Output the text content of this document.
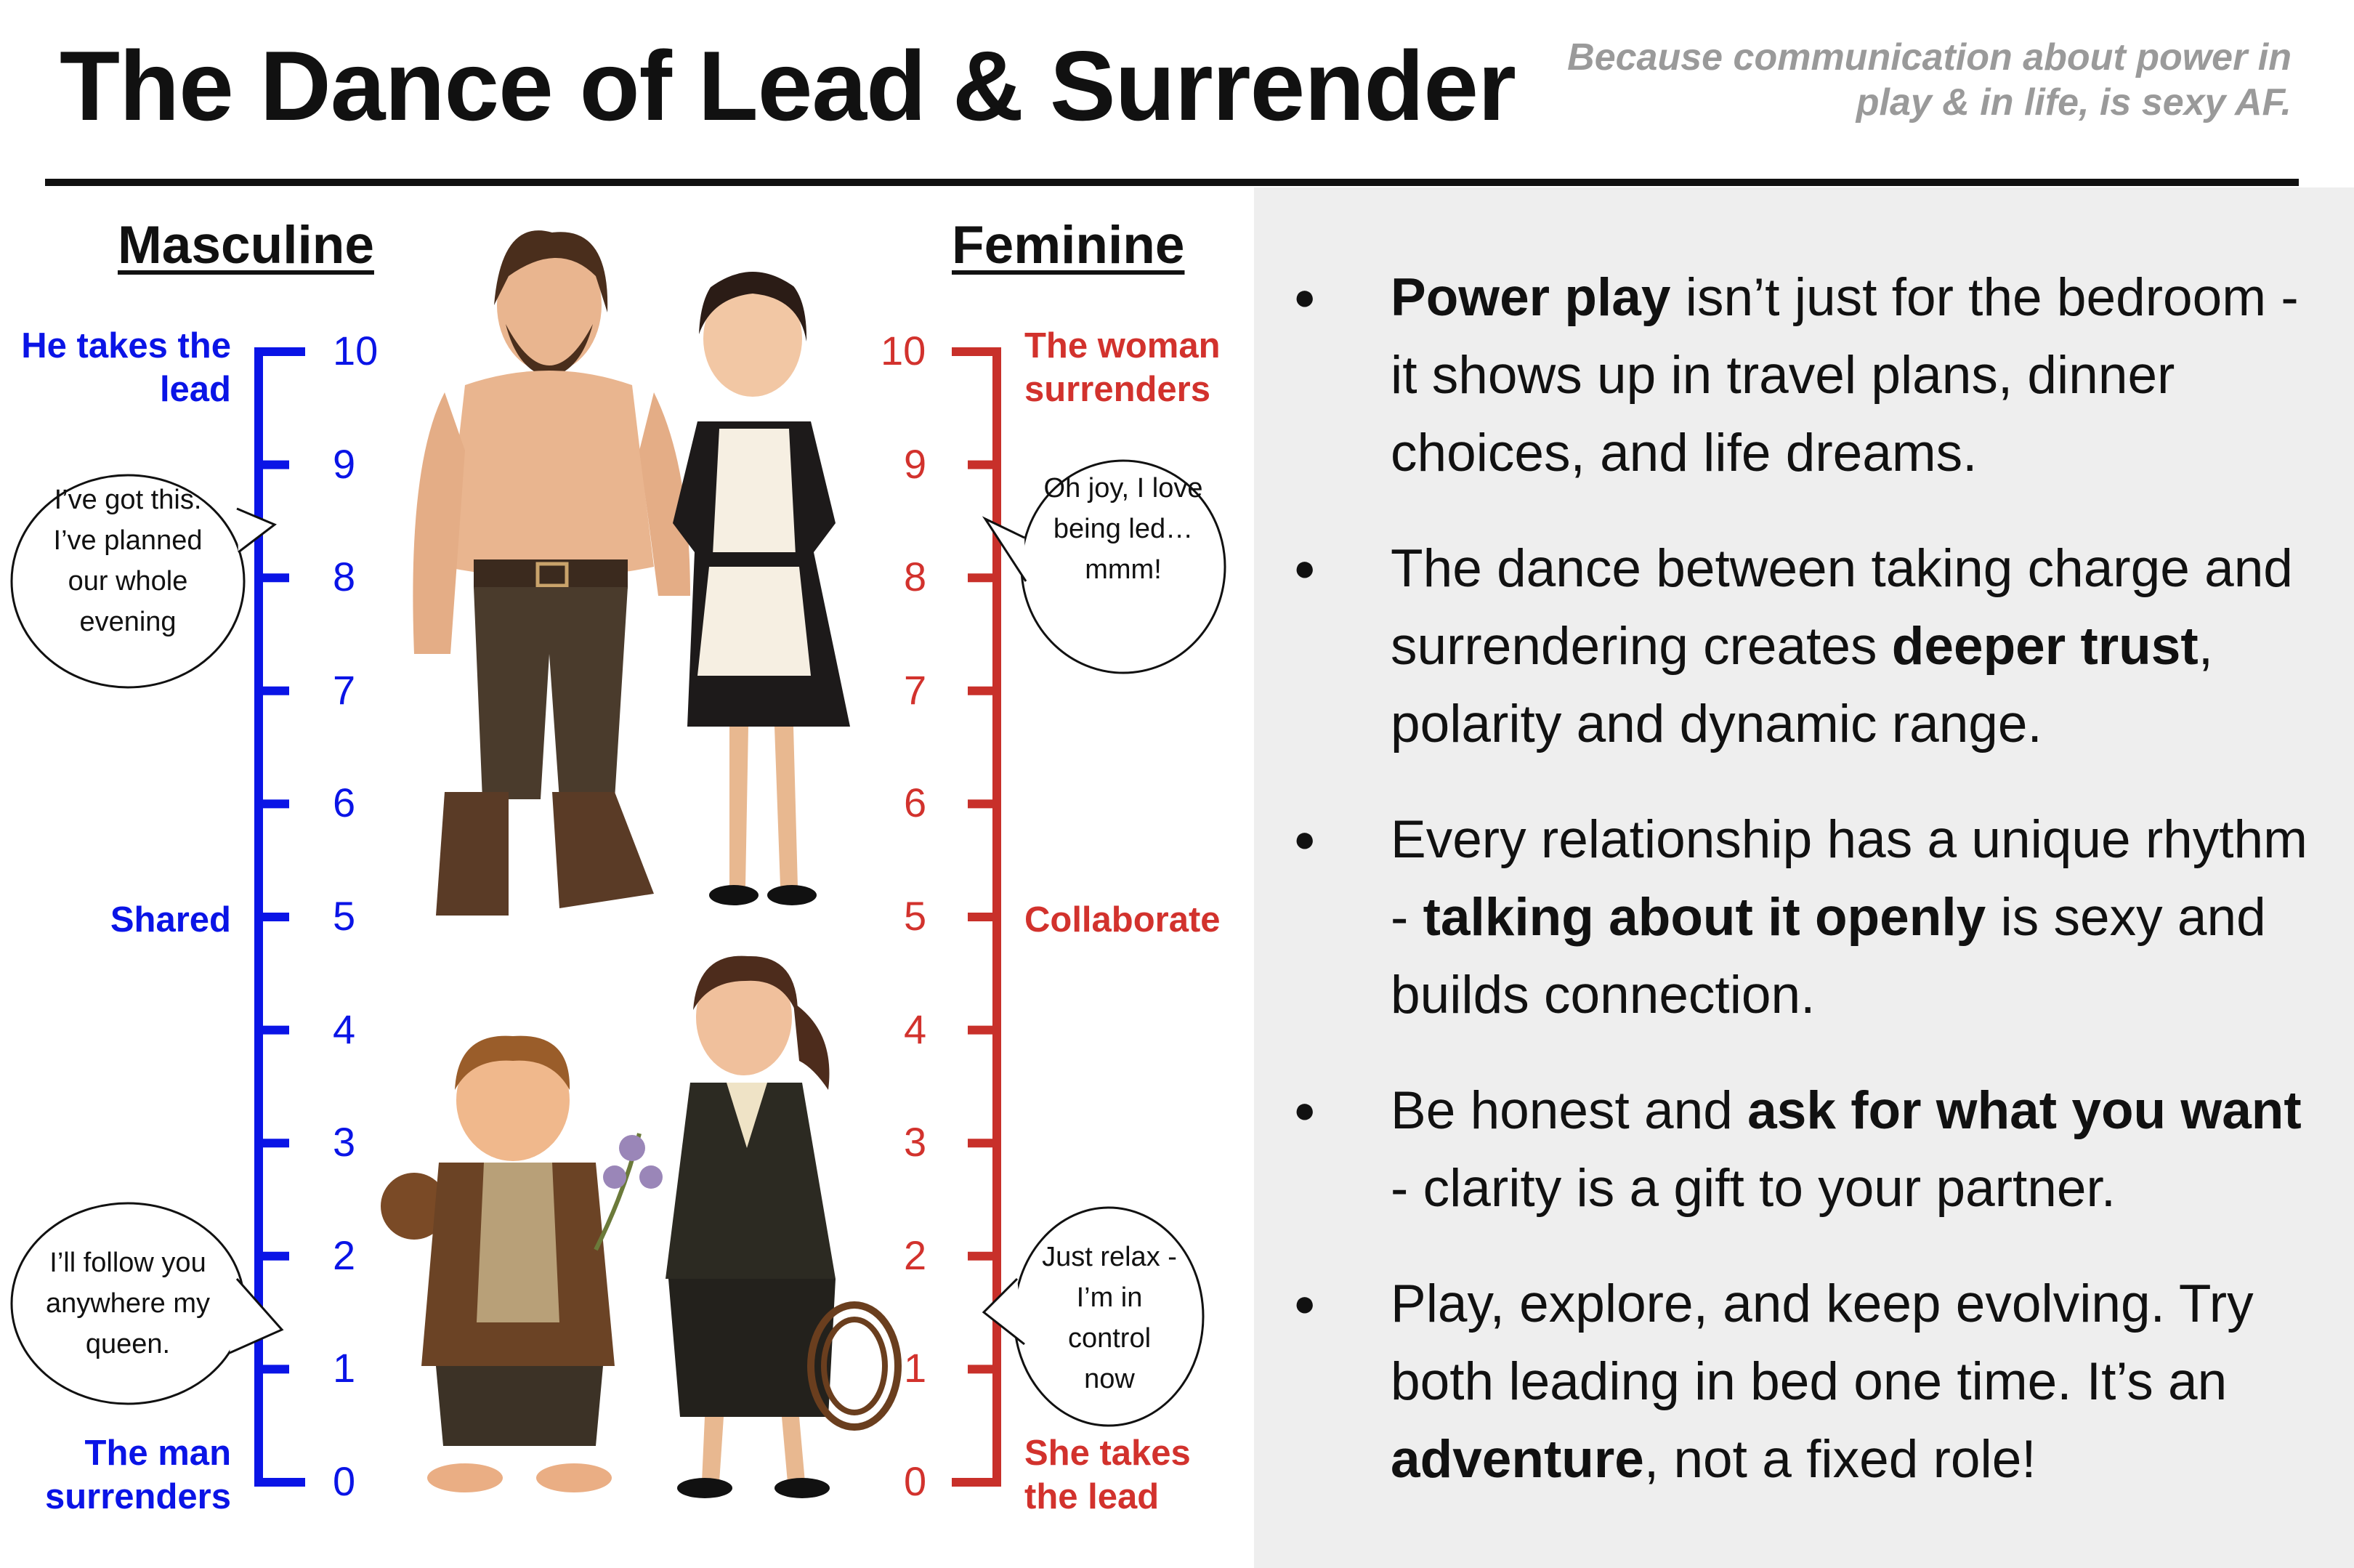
The Dance of Lead & Surrender Because communication about power in play & in life, is sexy AF.
● Power play isn’t just for the bedroom - it shows up in travel plans, dinner choices, and life dreams.
● The dance between taking charge and surrendering creates deeper trust, polarity and dynamic range.
● Every relationship has a unique rhythm - talking about it openly is sexy and builds connection.
● Be honest and ask for what you want - clarity is a gift to your partner.
● Play, explore, and keep evolving. Try both leading in bed one time. It’s an adventure, not a fixed role!
Masculine	Feminine
He takes the lead
Shared
The man surrenders
The woman surrenders
Collaborate
She takes the lead
0
1
2
3
4
5
6
7
8
9
10
0
1
2
3
4
5
6
7
8
9
10
I’ve got this. I’ve planned our whole evening
I’ll follow you anywhere my queen.
Oh joy, I love being led… mmm!
Just relax - I’m in control now
